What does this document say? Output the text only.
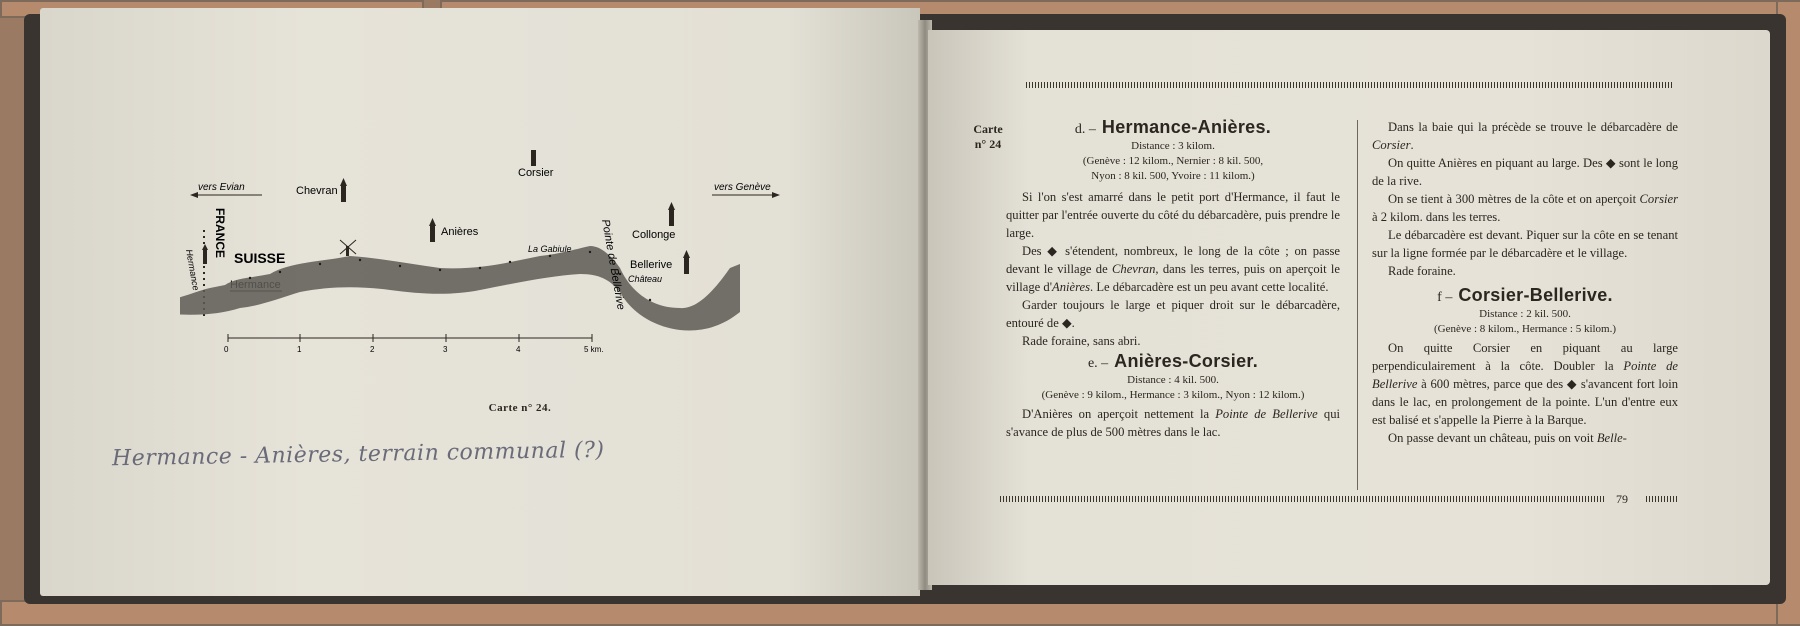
vers Evian	vers Genève
FRANCE SUISSE
Hermance
Chevran
Anières
Corsier
La Gabiule Pointe de Bellerive Collonge
Bellerive
Château
0	1	2	3	4	5 km.
Carte n° 24.
Hermance - Anières, terrain communal (?)
Carte
n° 24
d. – Hermance-Anières.
Distance : 3 kilom.
(Genève : 12 kilom., Nernier : 8 kil. 500,
Nyon : 8 kil. 500, Yvoire : 11 kilom.)

Si l'on s'est amarré dans le petit port d'Hermance, il faut le quitter par l'entrée ouverte du côté du débarcadère, puis prendre le large.

Des ◆ s'étendent, nombreux, le long de la côte ; on passe devant le village de Chevran, dans les terres, puis on aperçoit le village d'Anières. Le débarcadère est un peu avant cette localité.

Garder toujours le large et piquer droit sur le débarcadère, entouré de ◆.

Rade foraine, sans abri.

e. – Anières-Corsier.
Distance : 4 kil. 500.
(Genève : 9 kilom., Hermance : 3 kilom., Nyon : 12 kilom.)

D'Anières on aperçoit nettement la Pointe de Bellerive qui s'avance de plus de 500 mètres dans le lac.

Dans la baie qui la précède se trouve le débarcadère de Corsier.

On quitte Anières en piquant au large. Des ◆ sont le long de la rive.

On se tient à 300 mètres de la côte et on aperçoit Corsier à 2 kilom. dans les terres.

Le débarcadère est devant. Piquer sur la côte en se tenant sur la ligne formée par le débarcadère et le village.

Rade foraine.

f – Corsier-Bellerive.
Distance : 2 kil. 500.
(Genève : 8 kilom., Hermance : 5 kilom.)

On quitte Corsier en piquant au large perpendiculairement à la côte. Doubler la Pointe de Bellerive à 600 mètres, parce que des ◆ s'avancent fort loin dans le lac, en prolongement de la pointe. L'un d'entre eux est balisé et s'appelle la Pierre à la Barque.

On passe devant un château, puis on voit Belle-

79
